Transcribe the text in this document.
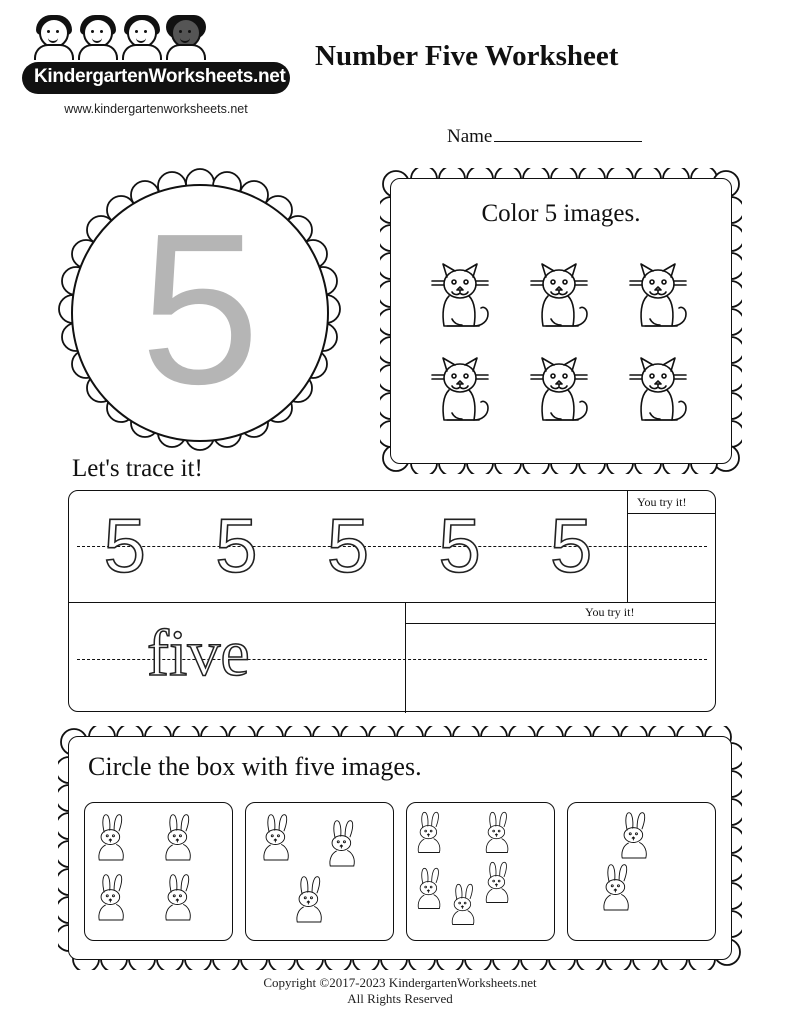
KindergartenWorksheets.net
www.kindergartenworksheets.net
Number Five Worksheet
Name
5	Color 5 images.
Let's trace it!
You try it!
5 5 5 5 5
You try it!
five
Circle the box with five images.
Copyright ©2017-2023 KindergartenWorksheets.net
All Rights Reserved
